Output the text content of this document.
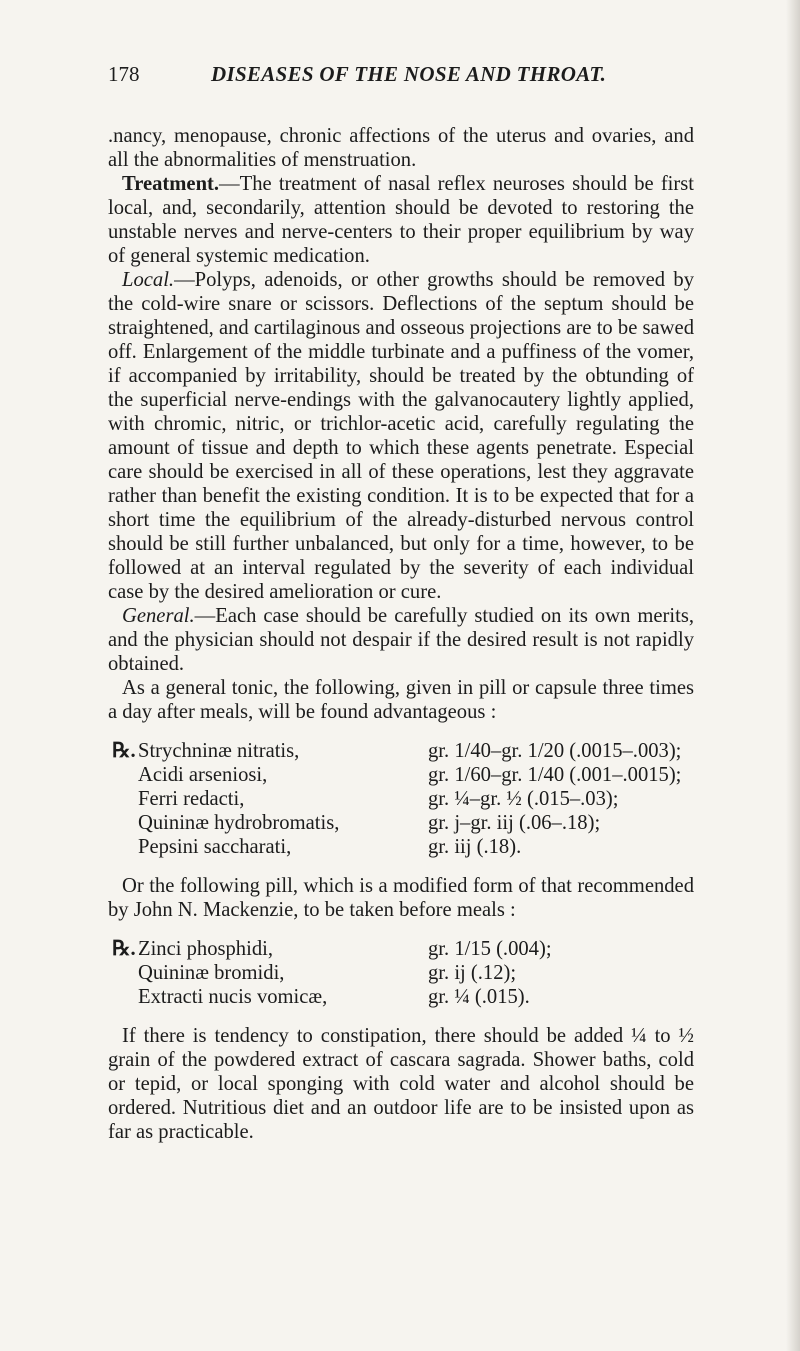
178	DISEASES OF THE NOSE AND THROAT.

.nancy, menopause, chronic affections of the uterus and ovaries, and all the abnormalities of menstruation.

Treatment.—The treatment of nasal reflex neuroses should be first local, and, secondarily, attention should be devoted to restoring the unstable nerves and nerve-centers to their proper equilibrium by way of general systemic medication.

Local.—Polyps, adenoids, or other growths should be removed by the cold-wire snare or scissors. Deflections of the septum should be straightened, and cartilaginous and osseous projections are to be sawed off. Enlargement of the middle turbinate and a puffiness of the vomer, if accompanied by irritability, should be treated by the obtunding of the superficial nerve-endings with the galvanocautery lightly applied, with chromic, nitric, or trichlor-acetic acid, carefully regulating the amount of tissue and depth to which these agents penetrate. Especial care should be exercised in all of these operations, lest they aggravate rather than benefit the existing condition. It is to be expected that for a short time the equilibrium of the already-disturbed nervous control should be still further unbalanced, but only for a time, however, to be followed at an interval regulated by the severity of each individual case by the desired amelioration or cure.

General.—Each case should be carefully studied on its own merits, and the physician should not despair if the desired result is not rapidly obtained.

As a general tonic, the following, given in pill or capsule three times a day after meals, will be found advantageous :

℞. Strychninæ nitratis,	gr. 1/40–gr. 1/20 (.0015–.003);
Acidi arseniosi,	gr. 1/60–gr. 1/40 (.001–.0015);
Ferri redacti,	gr. ¼–gr. ½ (.015–.03);
Quininæ hydrobromatis,	gr. j–gr. iij (.06–.18);
Pepsini saccharati,	gr. iij (.18).

Or the following pill, which is a modified form of that recommended by John N. Mackenzie, to be taken before meals :

℞. Zinci phosphidi,	gr. 1/15 (.004);
Quininæ bromidi,	gr. ij (.12);
Extracti nucis vomicæ,	gr. ¼ (.015).

If there is tendency to constipation, there should be added ¼ to ½ grain of the powdered extract of cascara sagrada. Shower baths, cold or tepid, or local sponging with cold water and alcohol should be ordered. Nutritious diet and an outdoor life are to be insisted upon as far as practicable.
